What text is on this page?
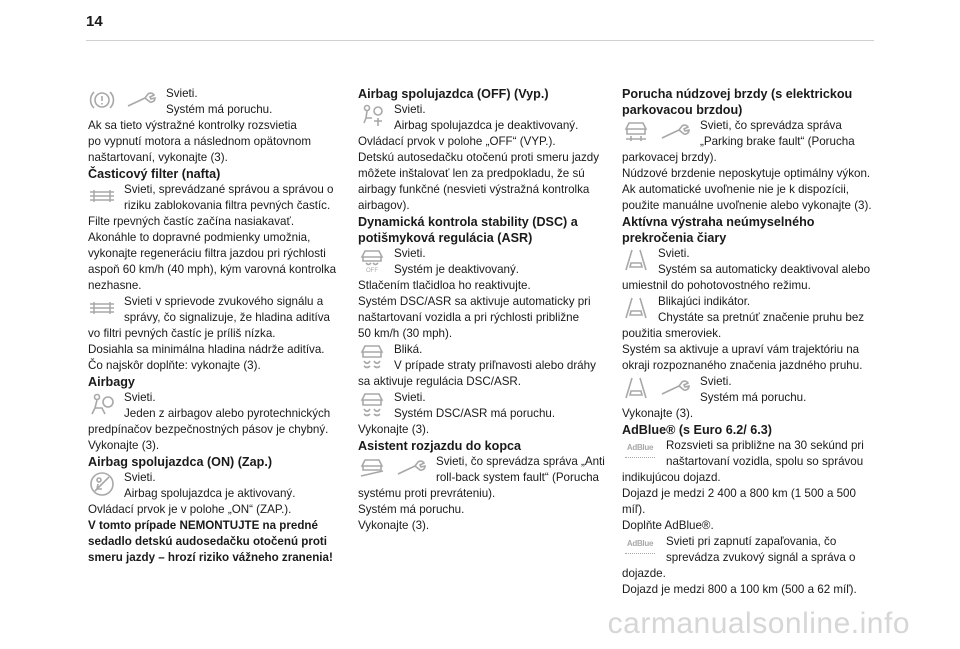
14

Svieti.

Systém má poruchu.

Ak sa tieto výstražné kontrolky rozsvietia

po vypnutí motora a následnom opätovnom

naštartovaní, vykonajte (3).

Časticový filter (nafta)

Svieti, sprevádzané správou a správou o

riziku zablokovania filtra pevných častíc.

Filte rpevných častíc začína nasiakavať.

Akonáhle to dopravné podmienky umožnia,

vykonajte regeneráciu filtra jazdou pri rýchlosti

aspoň 60 km/h (40 mph), kým varovná kontrolka

nezhasne.

Svieti v sprievode zvukového signálu a

správy, čo signalizuje, že hladina aditíva

vo filtri pevných častíc je príliš nízka.

Dosiahla sa minimálna hladina nádrže aditíva.

Čo najskôr doplňte: vykonajte (3).

Airbagy

Svieti.

Jeden z airbagov alebo pyrotechnických

predpínačov bezpečnostných pásov je chybný.

Vykonajte (3).

Airbag spolujazdca (ON) (Zap.)

Svieti.

Airbag spolujazdca je aktivovaný.

Ovládací prvok je v polohe „ON“ (ZAP.).

V tomto prípade NEMONTUJTE na predné

sedadlo detskú audosedačku otočenú proti

smeru jazdy – hrozí riziko vážneho zranenia!

Airbag spolujazdca (OFF) (Vyp.)

Svieti.

Airbag spolujazdca je deaktivovaný.

Ovládací prvok v polohe „OFF“ (VYP.).

Detskú autosedačku otočenú proti smeru jazdy

môžete inštalovať len za predpokladu, že sú

airbagy funkčné (nesvieti výstražná kontrolka

airbagov).

Dynamická kontrola stability (DSC) a potišmyková regulácia (ASR)

OFF

Svieti.

Systém je deaktivovaný.

Stlačením tlačidloa ho reaktivujte.

Systém DSC/ASR sa aktivuje automaticky pri

naštartovaní vozidla a pri rýchlosti približne

50 km/h (30 mph).

Bliká.

V prípade straty priľnavosti alebo dráhy

sa aktivuje regulácia DSC/ASR.

Svieti.

Systém DSC/ASR má poruchu.

Vykonajte (3).

Asistent rozjazdu do kopca

Svieti, čo sprevádza správa „Anti

roll-back system fault“ (Porucha

systému proti prevráteniu).

Systém má poruchu.

Vykonajte (3).

Porucha núdzovej brzdy (s elektrickou parkovacou brzdou)

Svieti, čo sprevádza správa

„Parking brake fault“ (Porucha

parkovacej brzdy).

Núdzové brzdenie neposkytuje optimálny výkon.

Ak automatické uvoľnenie nie je k dispozícii,

použite manuálne uvoľnenie alebo vykonajte (3).

Aktívna výstraha neúmyselného prekročenia čiary

Svieti.

Systém sa automaticky deaktivoval alebo

umiestnil do pohotovostného režimu.

Blikajúci indikátor.

Chystáte sa pretnúť značenie pruhu bez

použitia smeroviek.

Systém sa aktivuje a upraví vám trajektóriu na

okraji rozpoznaného značenia jazdného pruhu.

Svieti.

Systém má poruchu.

Vykonajte (3).

AdBlue® (s Euro 6.2/ 6.3)

AdBlue	Rozsvieti sa približne na 30 sekúnd pri

naštartovaní vozidla, spolu so správou

indikujúcou dojazd.

Dojazd je medzi 2 400 a 800 km (1 500 a 500

míľ).

Doplňte AdBlue®.

AdBlue	Svieti pri zapnutí zapaľovania, čo

sprevádza zvukový signál a správa o

dojazde.

Dojazd je medzi 800 a 100 km (500 a 62 míľ).

carmanualsonline.info
